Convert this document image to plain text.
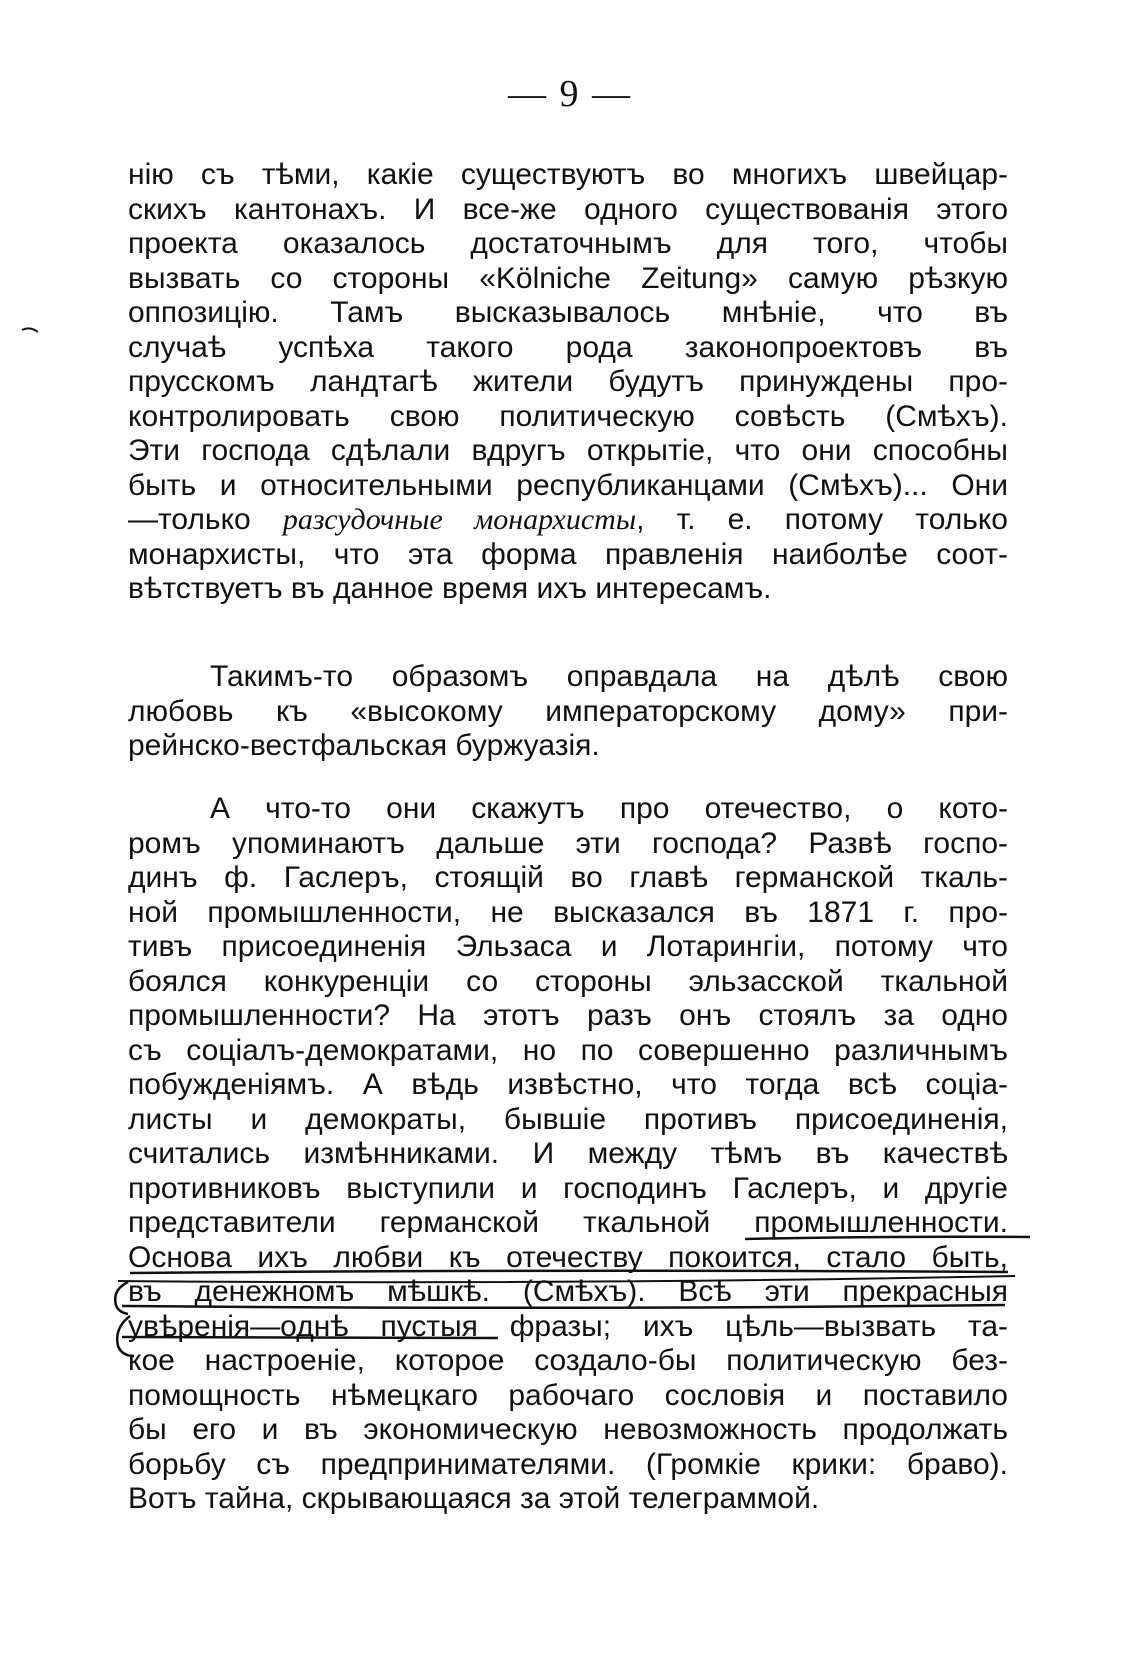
— 9 —
нію съ тѣми, какіе существуютъ во многихъ швейцар-
скихъ кантонахъ. И все-же одного существованія этого
проекта оказалось достаточнымъ для того, чтобы
вызвать со стороны «Kölniche Zeitung» самую рѣзкую
оппозицію. Тамъ высказывалось мнѣніе, что въ
случаѣ успѣха такого рода законопроектовъ въ
прусскомъ ландтагѣ жители будутъ принуждены про-
контролировать свою политическую совѣсть (Смѣхъ).
Эти господа сдѣлали вдругъ открытіе, что они способны
быть и относительными республиканцами (Смѣхъ)... Они
—только разсудочные монархисты, т. е. потому только
монархисты, что эта форма правленія наиболѣе соот-
вѣтствуетъ въ данное время ихъ интересамъ.
Такимъ-то образомъ оправдала на дѣлѣ свою
любовь къ «высокому императорскому дому» при-
рейнско-вестфальская буржуазія.
А что-то они скажутъ про отечество, о кото-
ромъ упоминаютъ дальше эти господа? Развѣ госпо-
динъ ф. Гаслеръ, стоящій во главѣ германской ткаль-
ной промышленности, не высказался въ 1871 г. про-
тивъ присоединенія Эльзаса и Лотарингіи, потому что
боялся конкуренціи со стороны эльзасской ткальной
промышленности? На этотъ разъ онъ стоялъ за одно
съ соціалъ-демократами, но по совершенно различнымъ
побужденіямъ. А вѣдь извѣстно, что тогда всѣ соціа-
листы и демократы, бывшіе противъ присоединенія,
считались измѣнниками. И между тѣмъ въ качествѣ
противниковъ выступили и господинъ Гаслеръ, и другіе
представители германской ткальной промышленности.
Основа ихъ любви къ отечеству покоится, стало быть,
въ денежномъ мѣшкѣ. (Смѣхъ). Всѣ эти прекрасныя
увѣренія—однѣ пустыя фразы; ихъ цѣль—вызвать та-
кое настроеніе, которое создало-бы политическую без-
помощность нѣмецкаго рабочаго сословія и поставило
бы его и въ экономическую невозможность продолжать
борьбу съ предпринимателями. (Громкіе крики: браво).
Вотъ тайна, скрывающаяся за этой телеграммой.
